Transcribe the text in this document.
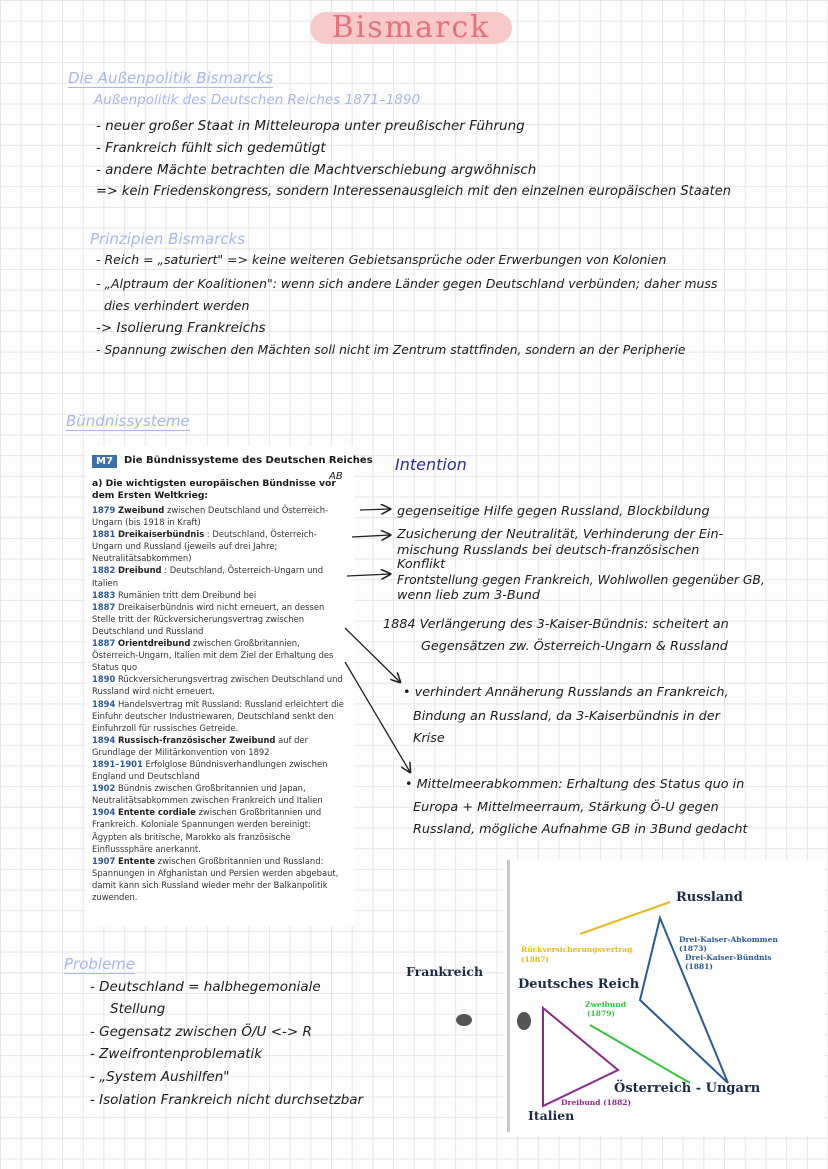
Bismarck
Die Außenpolitik Bismarcks
Außenpolitik des Deutschen Reiches 1871–1890
- neuer großer Staat in Mitteleuropa unter preußischer Führung
- Frankreich fühlt sich gedemütigt
- andere Mächte betrachten die Machtverschiebung argwöhnisch
=> kein Friedenskongress, sondern Interessenausgleich mit den einzelnen europäischen Staaten
Prinzipien Bismarcks
- Reich = „saturiert" => keine weiteren Gebietsansprüche oder Erwerbungen von Kolonien
- „Alptraum der Koalitionen": wenn sich andere Länder gegen Deutschland verbünden; daher muss
dies verhindert werden
-> Isolierung Frankreichs
- Spannung zwischen den Mächten soll nicht im Zentrum stattfinden, sondern an der Peripherie
Bündnissysteme
M7	Die Bündnissysteme des Deutschen Reiches
a) Die wichtigsten europäischen Bündnisse vor dem Ersten Weltkrieg:
AB

1879 Zweibund zwischen Deutschland und Österreich-Ungarn (bis 1918 in Kraft)

1881 Dreikaiserbündnis : Deutschland, Österreich-Ungarn und Russland (jeweils auf drei Jahre; Neutralitätsabkommen)

1882 Dreibund : Deutschland, Österreich-Ungarn und Italien

1883 Rumänien tritt dem Dreibund bei

1887 Dreikaiserbündnis wird nicht erneuert, an dessen Stelle tritt der Rückversicherungsvertrag zwischen Deutschland und Russland

1887 Orientdreibund zwischen Großbritannien, Österreich-Ungarn, Italien mit dem Ziel der Erhaltung des Status quo

1890 Rückversicherungsvertrag zwischen Deutschland und Russland wird nicht erneuert.

1894 Handelsvertrag mit Russland: Russland erleichtert die Einfuhr deutscher Industriewaren, Deutschland senkt den Einfuhrzoll für russisches Getreide.

1894 Russisch-französischer Zweibund auf der Grundlage der Militärkonvention von 1892

1891–1901 Erfolglose Bündnisverhandlungen zwischen England und Deutschland

1902 Bündnis zwischen Großbritannien und Japan, Neutralitätsabkommen zwischen Frankreich und Italien

1904 Entente cordiale zwischen Großbritannien und Frankreich. Koloniale Spannungen werden bereinigt: Ägypten als britische, Marokko als französische Einflusssphäre anerkannt.

1907 Entente zwischen Großbritannien und Russland: Spannungen in Afghanistan und Persien werden abgebaut, damit kann sich Russland wieder mehr der Balkanpolitik zuwenden.

Intention
gegenseitige Hilfe gegen Russland, Blockbildung
Zusicherung der Neutralität, Verhinderung der Ein-
mischung Russlands bei deutsch-französischen
Konflikt
Frontstellung gegen Frankreich, Wohlwollen gegenüber GB,
wenn lieb zum 3-Bund
1884 Verlängerung des 3-Kaiser-Bündnis: scheitert an
Gegensätzen zw. Österreich-Ungarn & Russland
• verhindert Annäherung Russlands an Frankreich,
Bindung an Russland, da 3-Kaiserbündnis in der
Krise
• Mittelmeerabkommen: Erhaltung des Status quo in
Europa + Mittelmeerraum, Stärkung Ö-U gegen
Russland, mögliche Aufnahme GB in 3Bund gedacht
Probleme
- Deutschland = halbhegemoniale
Stellung
- Gegensatz zwischen Ö/U <-> R
- Zweifrontenproblematik
- „System Aushilfen"
- Isolation Frankreich nicht durchsetzbar
Russland
Frankreich
Deutsches Reich
Österreich - Ungarn
Italien
Rückversicherungsvertrag
(1887)
Drei-Kaiser-Abkommen
(1873)
Drei-Kaiser-Bündnis
(1881)
Zweibund
(1879)
Dreibund (1882)
